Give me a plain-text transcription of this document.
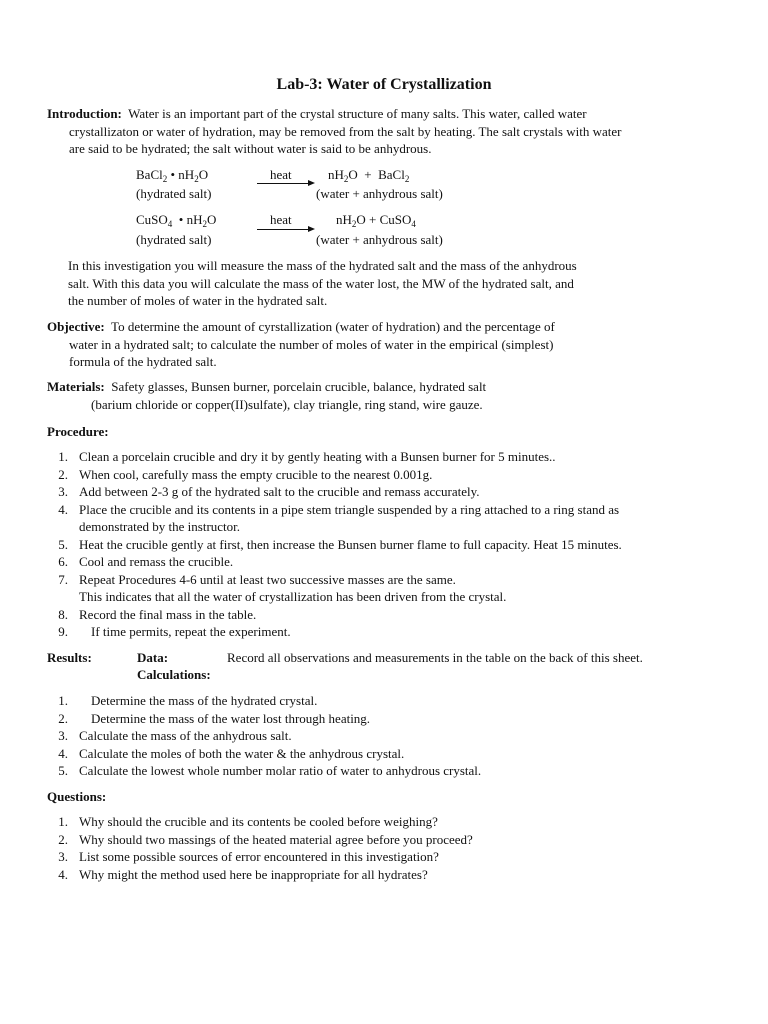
Lab-3: Water of Crystallization
Introduction: Water is an important part of the crystal structure of many salts. This water, called water
crystallizaton or water of hydration, may be removed from the salt by heating. The salt crystals with water
are said to be hydrated; the salt without water is said to be anhydrous.
BaCl$_2$ • $nH_2O$	heat	$nH_2O$  +  BaCl$_2$
(hydrated salt)	(water + anhydrous salt)
CuSO$_4$  • $nH_2O$	heat	$nH_2O$ + CuSO$_4$
(hydrated salt)	(water + anhydrous salt)
In this investigation you will measure the mass of the hydrated salt and the mass of the anhydrous
salt. With this data you will calculate the mass of the water lost, the MW of the hydrated salt, and
the number of moles of water in the hydrated salt.
Objective: To determine the amount of cyrstallization (water of hydration) and the percentage of
water in a hydrated salt; to calculate the number of moles of water in the empirical (simplest)
formula of the hydrated salt.
Materials: Safety glasses, Bunsen burner, porcelain crucible, balance, hydrated salt
(barium chloride or copper(II)sulfate), clay triangle, ring stand, wire gauze.
Procedure:
1. Clean a porcelain crucible and dry it by gently heating with a Bunsen burner for 5 minutes..
2. When cool, carefully mass the empty crucible to the nearest 0.001g.
3. Add between 2-3 g of the hydrated salt to the crucible and remass accurately.
4. Place the crucible and its contents in a pipe stem triangle suspended by a ring attached to a ring stand as
demonstrated by the instructor.
5. Heat the crucible gently at first, then increase the Bunsen burner flame to full capacity. Heat 15 minutes.
6. Cool and remass the crucible.
7. Repeat Procedures 4-6 until at least two successive masses are the same.
This indicates that all the water of crystallization has been driven from the crystal.
8. Record the final mass in the table.
9. If time permits, repeat the experiment.
Results:	Data:	Record all observations and measurements in the table on the back of this sheet.
Calculations:
1. Determine the mass of the hydrated crystal.
2. Determine the mass of the water lost through heating.
3. Calculate the mass of the anhydrous salt.
4. Calculate the moles of both the water & the anhydrous crystal.
5. Calculate the lowest whole number molar ratio of water to anhydrous crystal.
Questions:
1. Why should the crucible and its contents be cooled before weighing?
2. Why should two massings of the heated material agree before you proceed?
3. List some possible sources of error encountered in this investigation?
4. Why might the method used here be inappropriate for all hydrates?
